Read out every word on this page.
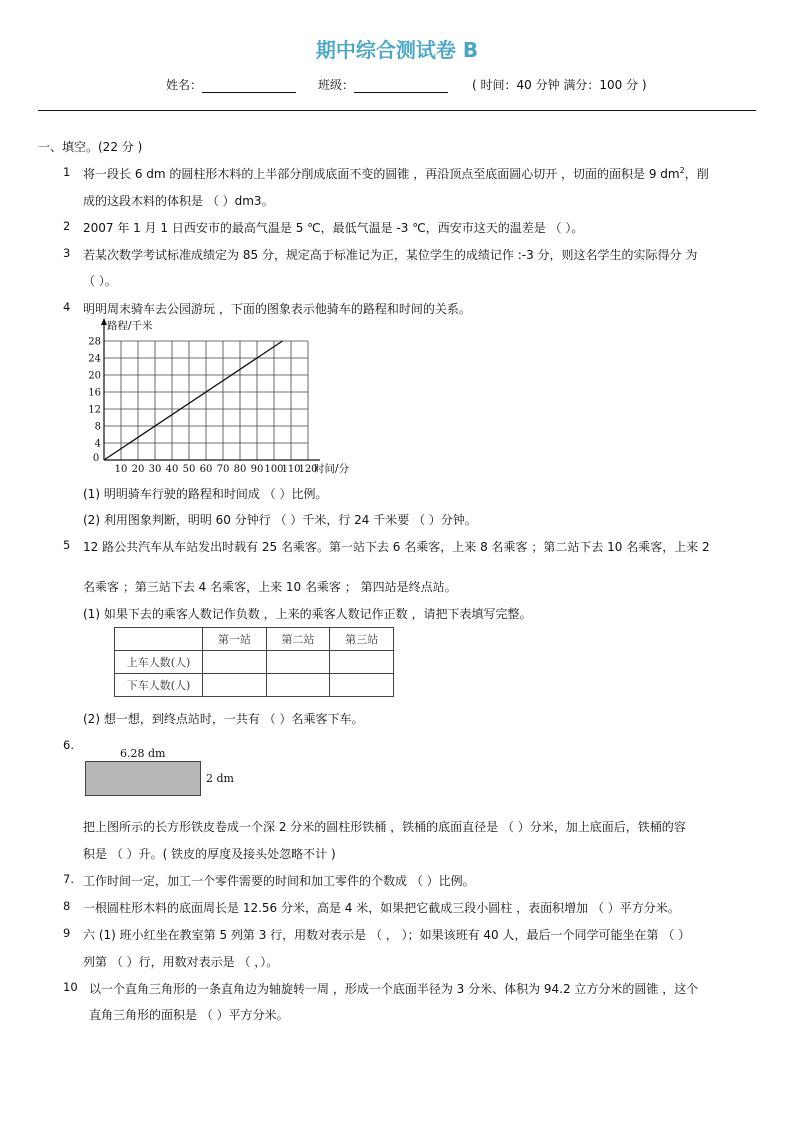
期中综合测试卷 B
姓名：	班级：	( 时间：40 分钟 满分：100 分 )
一、填空。(22 分 )
1 将一段长 6 dm 的圆柱形木料的上半部分削成底面不变的圆锥 ，再沿顶点至底面圆心切开 ，切面的面积是 9 $dm^2$，削
成的这段木料的体积是 （ ）dm3。
2 2007 年 1 月 1 日西安市的最高气温是 5 ℃，最低气温是 -3 ℃，西安市这天的温差是 （ ）。
3 若某次数学考试标准成绩定为 85 分，规定高于标准记为正，某位学生的成绩记作 :-3 分，则这名学生的实际得分 为
（ ）。
4 明明周末骑车去公园游玩 ，下面的图象表示他骑车的路程和时间的关系。
0
10 20 30 40 50 60 70 80 90 100
110
120
4
8
12
16
20
24
28
路程/千米
时间/分
(1) 明明骑车行驶的路程和时间成 （ ）比例。
(2) 利用图象判断，明明 60 分钟行 （ ）千米，行 24 千米要 （ ）分钟。
5 12 路公共汽车从车站发出时载有 25 名乘客。第一站下去 6 名乘客，上来 8 名乘客 ；第二站下去 10 名乘客，上来 2
名乘客 ；第三站下去 4 名乘客，上来 10 名乘客 ； 第四站是终点站。
(1) 如果下去的乘客人数记作负数 ，上来的乘客人数记作正数 ，请把下表填写完整。
	第一站	第二站	第三站
上车人数(人)			
下车人数(人)			
(2) 想一想，到终点站时，一共有 （ ）名乘客下车。
6.
6.28 dm
2 dm
把上图所示的长方形铁皮卷成一个深 2 分米的圆柱形铁桶 ，铁桶的底面直径是 （ ）分米，加上底面后，铁桶的容
积是 （ ）升。( 铁皮的厚度及接头处忽略不计 )
7. 工作时间一定，加工一个零件需要的时间和加工零件的个数成 （ ）比例。
8 一根圆柱形木料的底面周长是 12.56 分米，高是 4 米，如果把它截成三段小圆柱 ，表面积增加 （ ）平方分米。
9 六 (1) 班小红坐在教室第 5 列第 3 行，用数对表示是 （ ， ）；如果该班有 40 人，最后一个同学可能坐在第 （ ）
列第 （ ）行，用数对表示是 （ ，）。
10 以一个直角三角形的一条直角边为轴旋转一周 ，形成一个底面半径为 3 分米、体积为 94.2 立方分米的圆锥 ，这个
直角三角形的面积是 （ ）平方分米。
